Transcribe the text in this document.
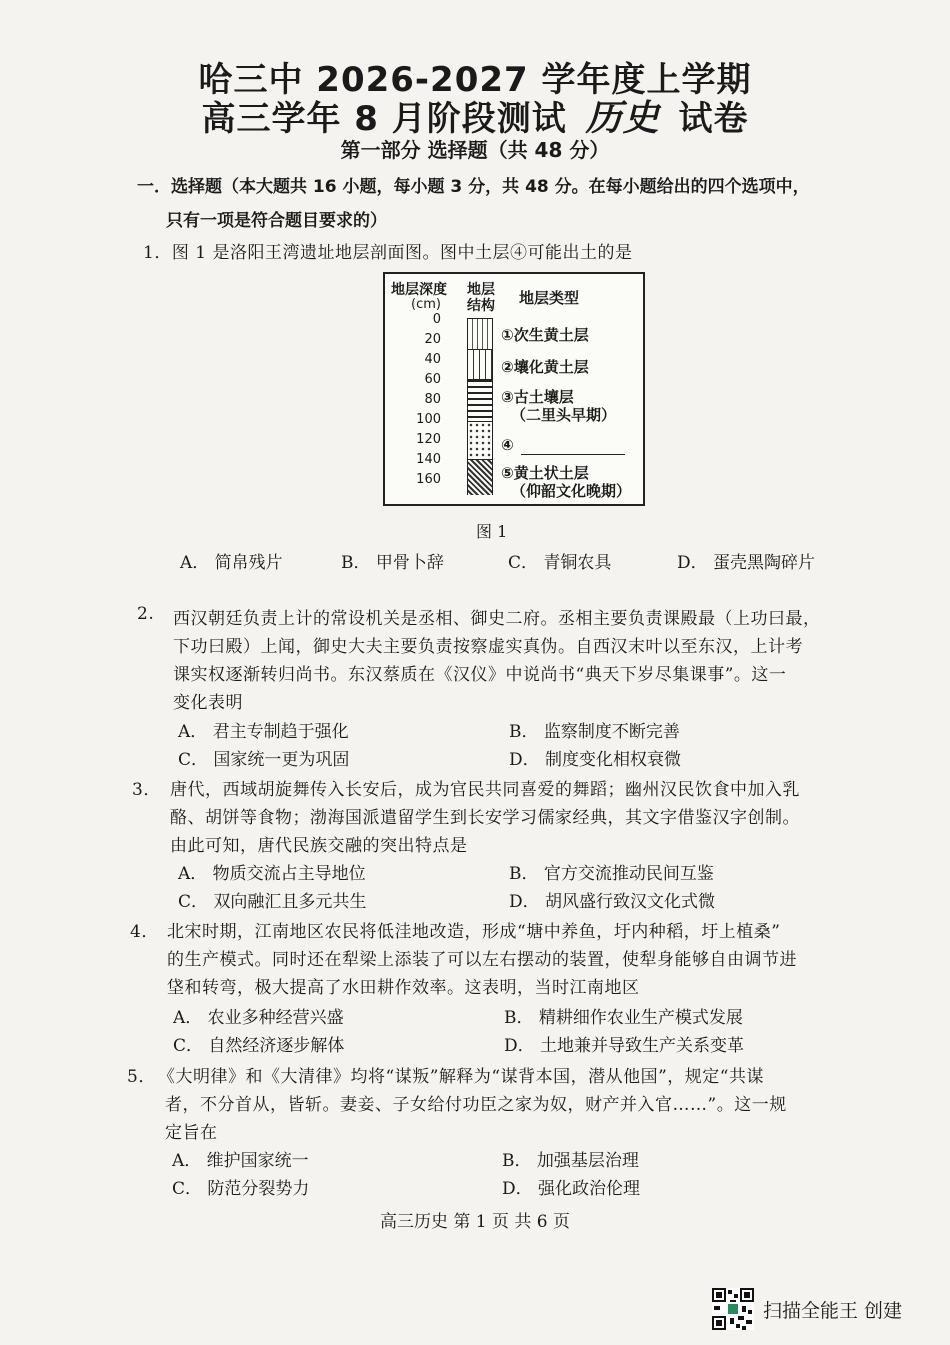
哈三中 2026-2027 学年度上学期
高三学年 8 月阶段测试 历史 试卷
第一部分 选择题（共 48 分）
一．选择题（本大题共 16 小题，每小题 3 分，共 48 分。在每小题给出的四个选项中，
只有一项是符合题目要求的）
1．图 1 是洛阳王湾遗址地层剖面图。图中土层④可能出土的是
地层深度
(cm)
地层
结构 地层类型
0
20
40
60
80
100
120
140
160
①次生黄土层
②壤化黄土层
③古土壤层
（二里头早期）
④
⑤黄土状土层
（仰韶文化晚期）
图 1
A． 简帛残片	B． 甲骨卜辞	C． 青铜农具	D． 蛋壳黑陶碎片
2. 西汉朝廷负责上计的常设机关是丞相、御史二府。丞相主要负责课殿最（上功曰最，
下功曰殿）上闻，御史大夫主要负责按察虚实真伪。自西汉末叶以至东汉，上计考
课实权逐渐转归尚书。东汉蔡质在《汉仪》中说尚书“典天下岁尽集课事”。这一
变化表明
A． 君主专制趋于强化	B． 监察制度不断完善
C． 国家统一更为巩固	D． 制度变化相权衰微
3． 唐代，西域胡旋舞传入长安后，成为官民共同喜爱的舞蹈；幽州汉民饮食中加入乳
酪、胡饼等食物；渤海国派遣留学生到长安学习儒家经典，其文字借鉴汉字创制。
由此可知，唐代民族交融的突出特点是
A． 物质交流占主导地位	B． 官方交流推动民间互鉴
C． 双向融汇且多元共生	D． 胡风盛行致汉文化式微
4． 北宋时期，江南地区农民将低洼地改造，形成“塘中养鱼，圩内种稻，圩上植桑”
的生产模式。同时还在犁梁上添装了可以左右摆动的装置，使犁身能够自由调节进
垡和转弯，极大提高了水田耕作效率。这表明，当时江南地区
A． 农业多种经营兴盛	B． 精耕细作农业生产模式发展
C． 自然经济逐步解体	D． 土地兼并导致生产关系变革
5． 《大明律》和《大清律》均将“谋叛”解释为“谋背本国，潜从他国”，规定“共谋
者，不分首从，皆斩。妻妾、子女给付功臣之家为奴，财产并入官……”。这一规
定旨在
A． 维护国家统一	B． 加强基层治理
C． 防范分裂势力	D． 强化政治伦理
高三历史 第 1 页 共 6 页
扫描全能王 创建
